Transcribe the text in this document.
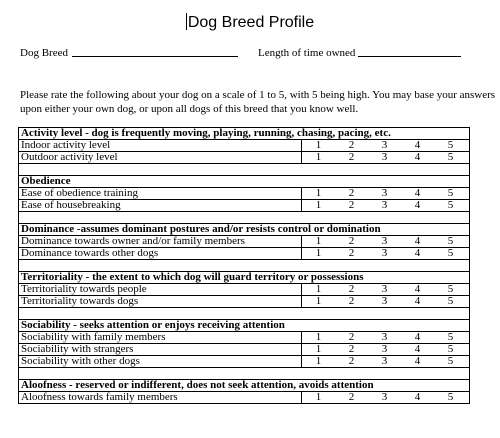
Dog Breed Profile
Dog Breed	Length of time owned
Please rate the following about your dog on a scale of 1 to 5, with 5 being high. You may base your answers upon either your own dog, or upon all dogs of this breed that you know well.
Activity level - dog is frequently moving, playing, running, chasing, pacing, etc.	
Indoor activity level	1 2 3 4 5
Outdoor activity level	1 2 3 4 5

Obedience	
Ease of obedience training	1 2 3 4 5
Ease of housebreaking	1 2 3 4 5

Dominance -assumes dominant postures and/or resists control or domination	
Dominance towards owner and/or family members	1 2 3 4 5
Dominance towards other dogs	1 2 3 4 5

Territoriality - the extent to which dog will guard territory or possessions	
Territoriality towards people	1 2 3 4 5
Territoriality towards dogs	1 2 3 4 5

Sociability - seeks attention or enjoys receiving attention	
Sociability with family members	1 2 3 4 5
Sociability with strangers	1 2 3 4 5
Sociability with other dogs	1 2 3 4 5

Aloofness - reserved or indifferent, does not seek attention, avoids attention	
Aloofness towards family members	1 2 3 4 5
